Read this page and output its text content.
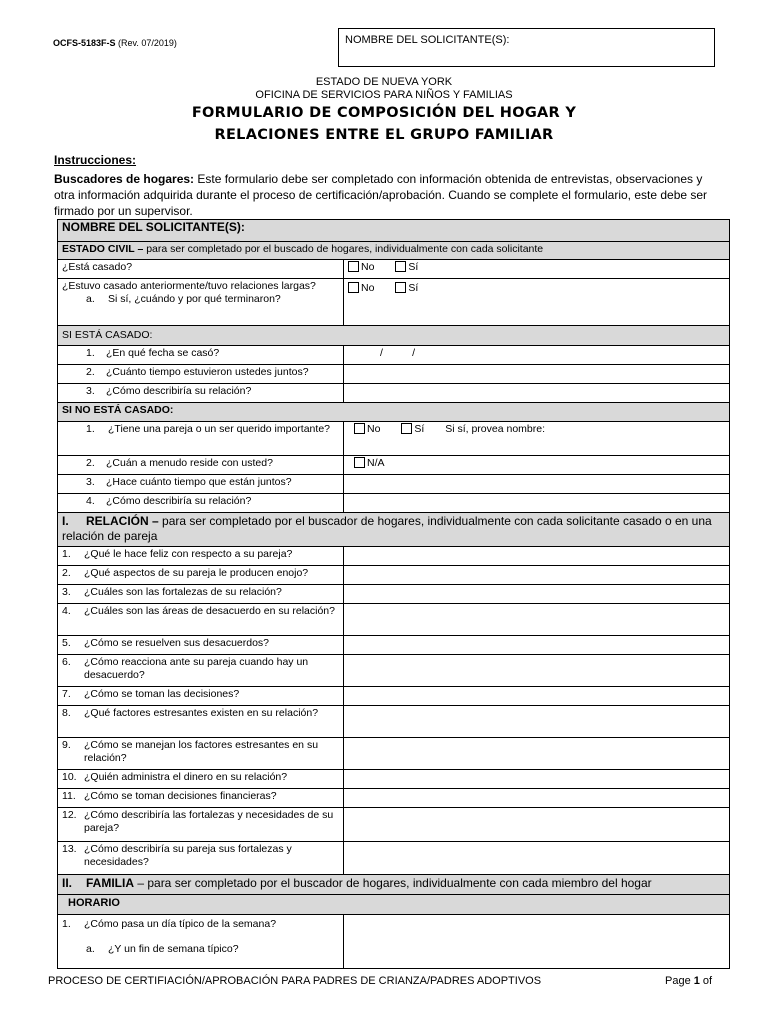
OCFS-5183F-S (Rev. 07/2019)	NOMBRE DEL SOLICITANTE(S):
ESTADO DE NUEVA YORK
OFICINA DE SERVICIOS PARA NIÑOS Y FAMILIAS
FORMULARIO DE COMPOSICIÓN DEL HOGAR Y
RELACIONES ENTRE EL GRUPO FAMILIAR
Instrucciones:
Buscadores de hogares: Este formulario debe ser completado con información obtenida de entrevistas, observaciones y otra información adquirida durante el proceso de certificación/aprobación. Cuando se complete el formulario, este debe ser firmado por un supervisor.
NOMBRE DEL SOLICITANTE(S):	
ESTADO CIVIL – para ser completado por el buscado de hogares, individualmente con cada solicitante	
¿Está casado?	No Sí

¿Estuvo casado anteriormente/tuvo relaciones largas?
a. Si sí, ¿cuándo y por qué terminaron?	No Sí

SI ESTÁ CASADO:	
1. ¿En qué fecha se casó?	/          /
2. ¿Cuánto tiempo estuvieron ustedes juntos?	
3. ¿Cómo describiría su relación?	
SI NO ESTÁ CASADO:	

1. ¿Tiene una pareja o un ser querido importante?	No Sí Si sí, provea nombre:
2. ¿Cuán a menudo reside con usted?	N/A
3. ¿Hace cuánto tiempo que están juntos?	
4. ¿Cómo describiría su relación?	
I. RELACIÓN – para ser completado por el buscador de hogares, individualmente con cada solicitante casado o en una relación de pareja	

1. ¿Qué le hace feliz con respecto a su pareja?	

2. ¿Qué aspectos de su pareja le producen enojo?	

3. ¿Cuáles son las fortalezas de su relación?	

4. ¿Cuáles son las áreas de desacuerdo en su relación?	

5. ¿Cómo se resuelven sus desacuerdos?	

6. ¿Cómo reacciona ante su pareja cuando hay un desacuerdo?	

7. ¿Cómo se toman las decisiones?	

8. ¿Qué factores estresantes existen en su relación?	

9. ¿Cómo se manejan los factores estresantes en su relación?	

10. ¿Quién administra el dinero en su relación?	

11. ¿Cómo se toman decisiones financieras?	

12. ¿Cómo describiría las fortalezas y necesidades de su pareja?	

13. ¿Cómo describiría su pareja sus fortalezas y necesidades?	

II. FAMILIA – para ser completado por el buscador de hogares, individualmente con cada miembro del hogar	
HORARIO	

1. ¿Cómo pasa un día típico de la semana?
a. ¿Y un fin de semana típico?	

PROCESO DE CERTIFIACIÓN/APROBACIÓN PARA PADRES DE CRIANZA/PADRES ADOPTIVOS	Page 1 of
